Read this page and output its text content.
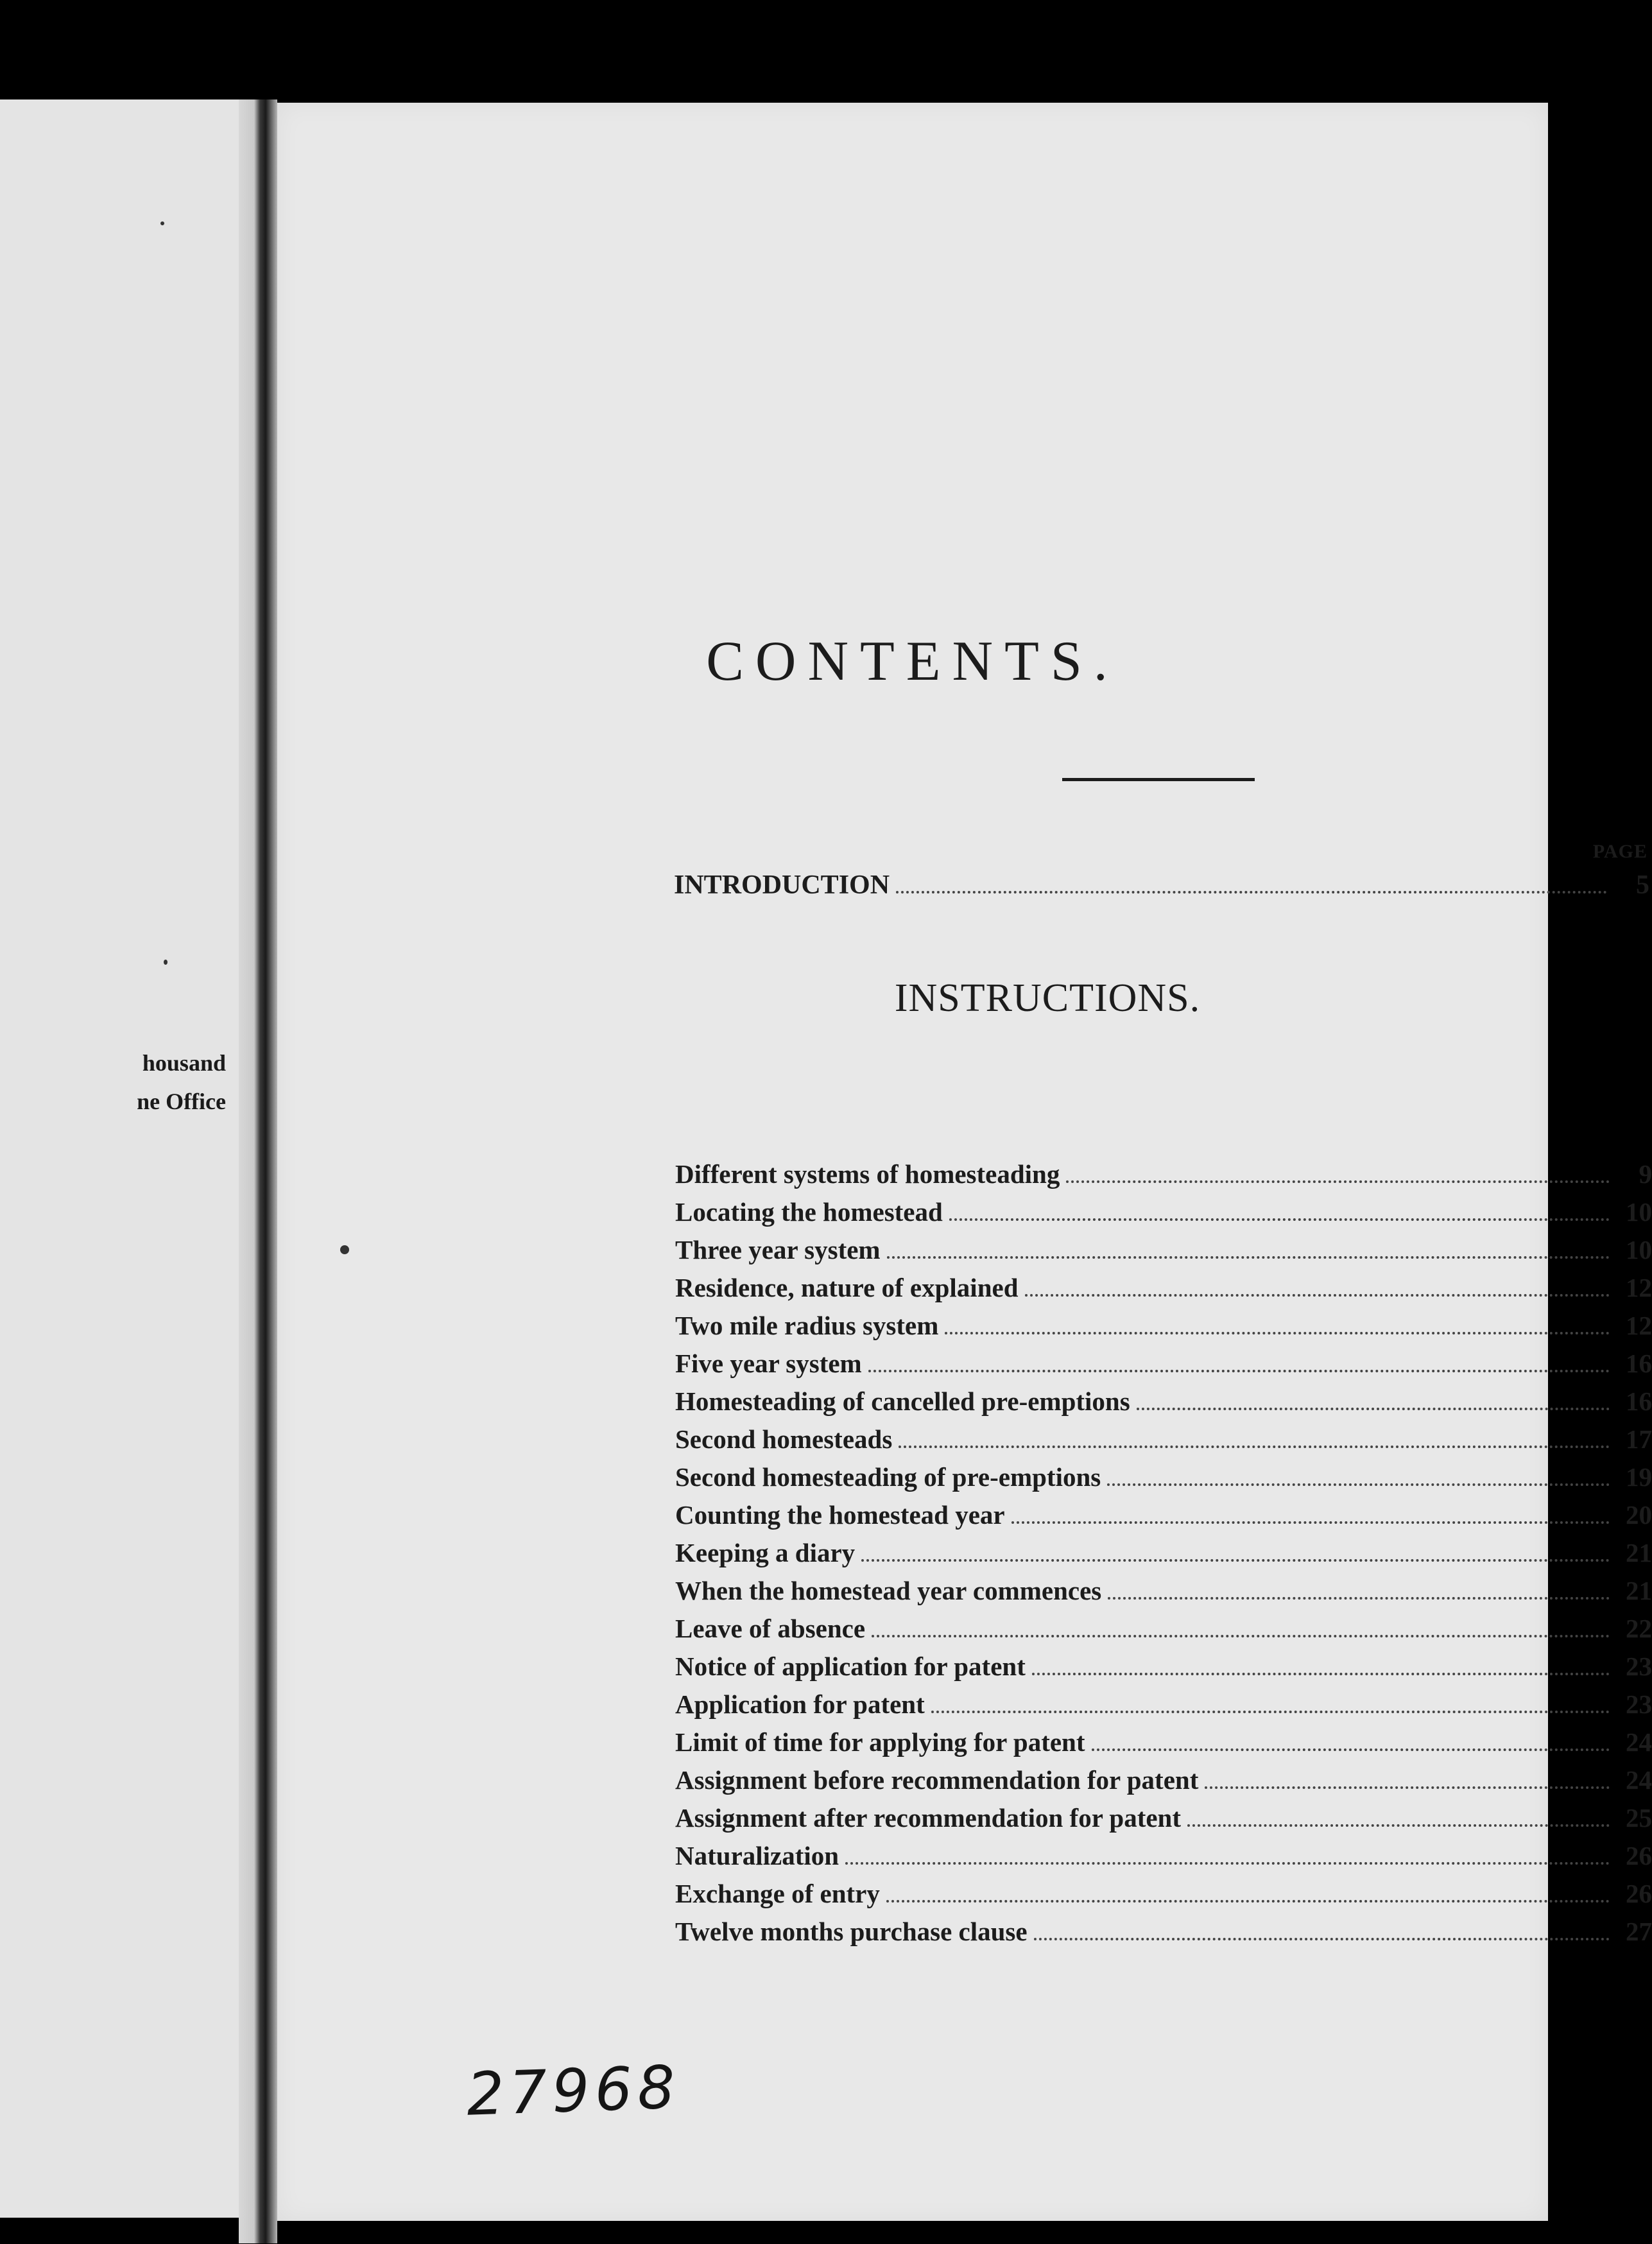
housand
ne Office
CONTENTS.
PAGE
INTRODUCTION	5
INSTRUCTIONS.
Different systems of homesteading	9
Locating the homestead	10
Three year system	10
Residence, nature of explained	12
Two mile radius system	12
Five year system	16
Homesteading of cancelled pre-emptions	16
Second homesteads	17
Second homesteading of pre-emptions	19
Counting the homestead year	20
Keeping a diary	21
When the homestead year commences	21
Leave of absence	22
Notice of application for patent	23
Application for patent	23
Limit of time for applying for patent	24
Assignment before recommendation for patent	24
Assignment after recommendation for patent	25
Naturalization	26
Exchange of entry	26
Twelve months purchase clause	27
27968
